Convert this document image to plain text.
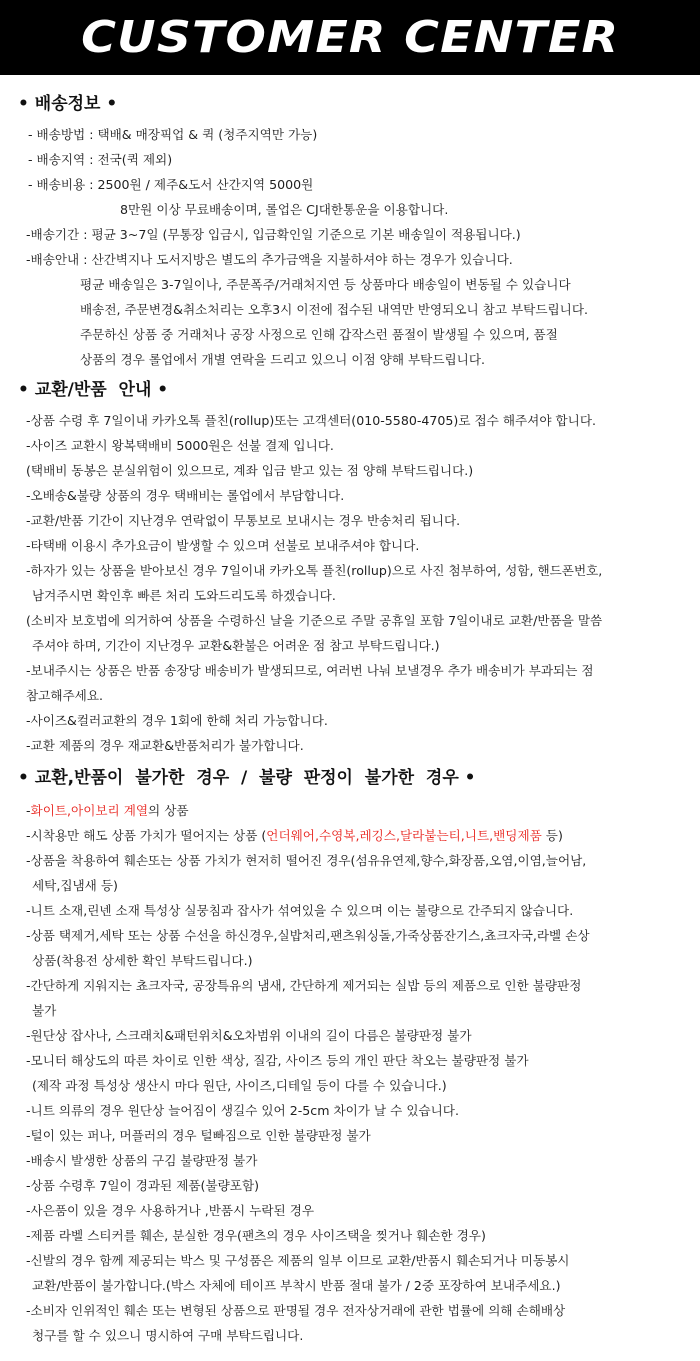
CUSTOMER CENTER
• 배송정보 •
- 배송방법 : 택배& 매장픽업 & 퀵 (청주지역만 가능)
- 배송지역 : 전국(퀵 제외)
- 배송비용 : 2500원 / 제주&도서 산간지역 5000원
8만원 이상 무료배송이며, 롤업은 CJ대한통운을 이용합니다.
-배송기간 : 평균 3~7일 (무통장 입금시, 입금확인일 기준으로 기본 배송일이 적용됩니다.)
-배송안내 : 산간벽지나 도서지방은 별도의 추가금액을 지불하셔야 하는 경우가 있습니다.
평균 배송일은 3-7일이나, 주문폭주/거래처지연 등 상품마다 배송일이 변동될 수 있습니다
배송전, 주문변경&취소처리는 오후3시 이전에 접수된 내역만 반영되오니 참고 부탁드립니다.
주문하신 상품 중 거래처나 공장 사정으로 인해 갑작스런 품절이 발생될 수 있으며, 품절
상품의 경우 롤업에서 개별 연락을 드리고 있으니 이점 양해 부탁드립니다.
• 교환/반품  안내 •
-상품 수령 후 7일이내 카카오톡 플친(rollup)또는 고객센터(010-5580-4705)로 접수 해주셔야 합니다.
-사이즈 교환시 왕복택배비 5000원은 선불 결제 입니다.
(택배비 동봉은 분실위험이 있으므로, 계좌 입금 받고 있는 점 양해 부탁드립니다.)
-오배송&불량 상품의 경우 택배비는 롤업에서 부담합니다.
-교환/반품 기간이 지난경우 연락없이 무통보로 보내시는 경우 반송처리 됩니다.
-타택배 이용시 추가요금이 발생할 수 있으며 선불로 보내주셔야 합니다.
-하자가 있는 상품을 받아보신 경우 7일이내 카카오톡 플친(rollup)으로 사진 첨부하여, 성함, 핸드폰번호,
남겨주시면 확인후 빠른 처리 도와드리도록 하겠습니다.
(소비자 보호법에 의거하여 상품을 수령하신 날을 기준으로 주말 공휴일 포함 7일이내로 교환/반품을 말씀
주셔야 하며, 기간이 지난경우 교환&환불은 어려운 점 참고 부탁드립니다.)
-보내주시는 상품은 반품 송장당 배송비가 발생되므로, 여러번 나눠 보낼경우 추가 배송비가 부과되는 점
참고해주세요.
-사이즈&컬러교환의 경우 1회에 한해 처리 가능합니다.
-교환 제품의 경우 재교환&반품처리가 불가합니다.
• 교환,반품이  불가한  경우  /  불량  판정이  불가한  경우 •
-화이트,아이보리 계열의 상품
-시착용만 해도 상품 가치가 떨어지는 상품 (언더웨어,수영복,레깅스,달라붙는티,니트,밴딩제품 등)
-상품을 착용하여 훼손또는 상품 가치가 현저히 떨어진 경우(섬유유연제,향수,화장품,오염,이염,늘어남,
세탁,집냄새 등)
-니트 소재,린넨 소재 특성상 실뭉침과 잡사가 섞여있을 수 있으며 이는 불량으로 간주되지 않습니다.
-상품 택제거,세탁 또는 상품 수선을 하신경우,실밥처리,팬츠워싱돌,가죽상품잔기스,쵸크자국,라벨 손상
상품(착용전 상세한 확인 부탁드립니다.)
-간단하게 지워지는 쵸크자국, 공장특유의 냄새, 간단하게 제거되는 실밥 등의 제품으로 인한 불량판정
불가
-원단상 잡사나, 스크래치&패턴위치&오차범위 이내의 길이 다름은 불량판정 불가
-모니터 해상도의 따른 차이로 인한 색상, 질감, 사이즈 등의 개인 판단 착오는 불량판정 불가
(제작 과정 특성상 생산시 마다 원단, 사이즈,디테일 등이 다를 수 있습니다.)
-니트 의류의 경우 원단상 늘어짐이 생길수 있어 2-5cm 차이가 날 수 있습니다.
-털이 있는 퍼나, 머플러의 경우 털빠짐으로 인한 불량판정 불가
-배송시 발생한 상품의 구김 불량판정 불가
-상품 수령후 7일이 경과된 제품(불량포함)
-사은품이 있을 경우 사용하거나 ,반품시 누락된 경우
-제품 라벨 스티커를 훼손, 분실한 경우(팬츠의 경우 사이즈택을 찢거나 훼손한 경우)
-신발의 경우 함께 제공되는 박스 및 구성품은 제품의 일부 이므로 교환/반품시 훼손되거나 미동봉시
교환/반품이 불가합니다.(박스 자체에 테이프 부착시 반품 절대 불가 / 2중 포장하여 보내주세요.)
-소비자 인위적인 훼손 또는 변형된 상품으로 판명될 경우 전자상거래에 관한 법률에 의해 손해배상
청구를 할 수 있으니 명시하여 구매 부탁드립니다.
